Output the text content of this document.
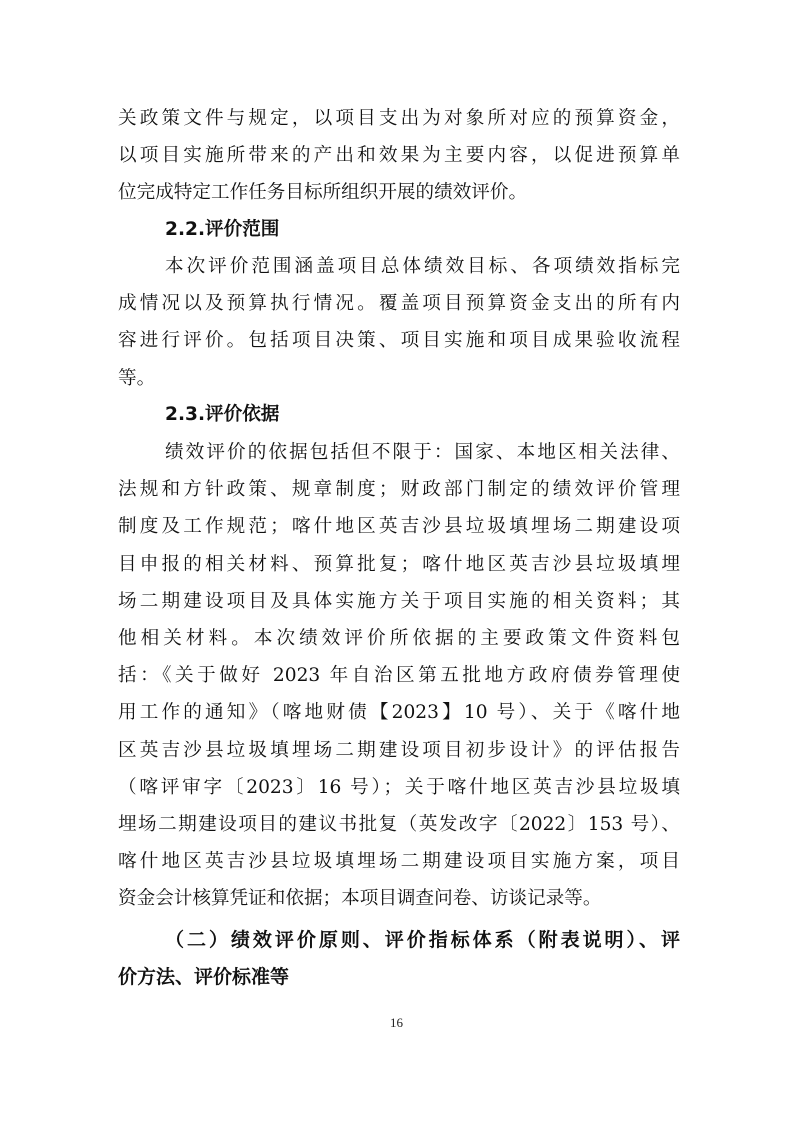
关政策文件与规定，以项目支出为对象所对应的预算资金，
以项目实施所带来的产出和效果为主要内容，以促进预算单
位完成特定工作任务目标所组织开展的绩效评价。
2.2.评价范围
本次评价范围涵盖项目总体绩效目标、各项绩效指标完
成情况以及预算执行情况。覆盖项目预算资金支出的所有内
容进行评价。包括项目决策、项目实施和项目成果验收流程
等。
2.3.评价依据
绩效评价的依据包括但不限于：国家、本地区相关法律、
法规和方针政策、规章制度；财政部门制定的绩效评价管理
制度及工作规范；喀什地区英吉沙县垃圾填埋场二期建设项
目申报的相关材料、预算批复；喀什地区英吉沙县垃圾填埋
场二期建设项目及具体实施方关于项目实施的相关资料；其
他相关材料。本次绩效评价所依据的主要政策文件资料包
括：《关于做好 2023 年自治区第五批地方政府债券管理使
用工作的通知》（喀地财债【2023】10 号）、关于《喀什地
区英吉沙县垃圾填埋场二期建设项目初步设计》的评估报告
（喀评审字〔2023〕16 号）；关于喀什地区英吉沙县垃圾填
埋场二期建设项目的建议书批复（英发改字〔2022〕153 号）、
喀什地区英吉沙县垃圾填埋场二期建设项目实施方案，项目
资金会计核算凭证和依据；本项目调查问卷、访谈记录等。
（二）绩效评价原则、评价指标体系（附表说明）、评
价方法、评价标准等
16
